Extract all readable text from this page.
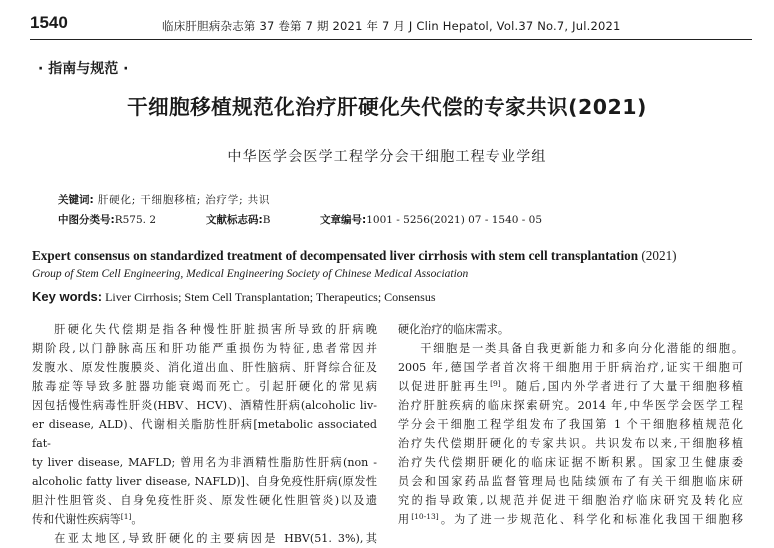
1540	临床肝胆病杂志第 37 卷第 7 期 2021 年 7 月 J Clin Hepatol, Vol.37 No.7, Jul.2021
· 指南与规范 ·
干细胞移植规范化治疗肝硬化失代偿的专家共识(2021)
中华医学会医学工程学分会干细胞工程专业学组
关键词: 肝硬化; 干细胞移植; 治疗学; 共识
中图分类号:R575. 2	文献标志码:B	文章编号:1001 - 5256(2021) 07 - 1540 - 05
Expert consensus on standardized treatment of decompensated liver cirrhosis with stem cell transplantation (2021)
Group of Stem Cell Engineering, Medical Engineering Society of Chinese Medical Association
Key words: Liver Cirrhosis; Stem Cell Transplantation; Therapeutics; Consensus

肝硬化失代偿期是指各种慢性肝脏损害所导致的肝病晚

期阶段,以门静脉高压和肝功能严重损伤为特征,患者常因并

发腹水、原发性腹膜炎、消化道出血、肝性脑病、肝肾综合征及

脓毒症等导致多脏器功能衰竭而死亡。引起肝硬化的常见病

因包括慢性病毒性肝炎(HBV、HCV)、酒精性肝病(alcoholic liv-

er disease, ALD)、代谢相关脂肪性肝病[metabolic associated fat-

ty liver disease, MAFLD; 曾用名为非酒精性脂肪性肝病(non -

alcoholic fatty liver disease, NAFLD)]、自身免疫性肝病(原发性

胆汁性胆管炎、自身免疫性肝炎、原发性硬化性胆管炎)以及遗

传和代谢性疾病等[1]。

在亚太地区,导致肝硬化的主要病因是 HBV(51. 3%),其

硬化治疗的临床需求。

干细胞是一类具备自我更新能力和多向分化潜能的细胞。

2005 年,德国学者首次将干细胞用于肝病治疗,证实干细胞可

以促进肝脏再生[9]。随后,国内外学者进行了大量干细胞移植

治疗肝脏疾病的临床探索研究。2014 年,中华医学会医学工程

学分会干细胞工程学组发布了我国第 1 个干细胞移植规范化

治疗失代偿期肝硬化的专家共识。共识发布以来,干细胞移植

治疗失代偿期肝硬化的临床证据不断积累。国家卫生健康委

员会和国家药品监督管理局也陆续颁布了有关干细胞临床研

究的指导政策,以规范并促进干细胞治疗临床研究及转化应

用[10-13]。为了进一步规范化、科学化和标准化我国干细胞移
